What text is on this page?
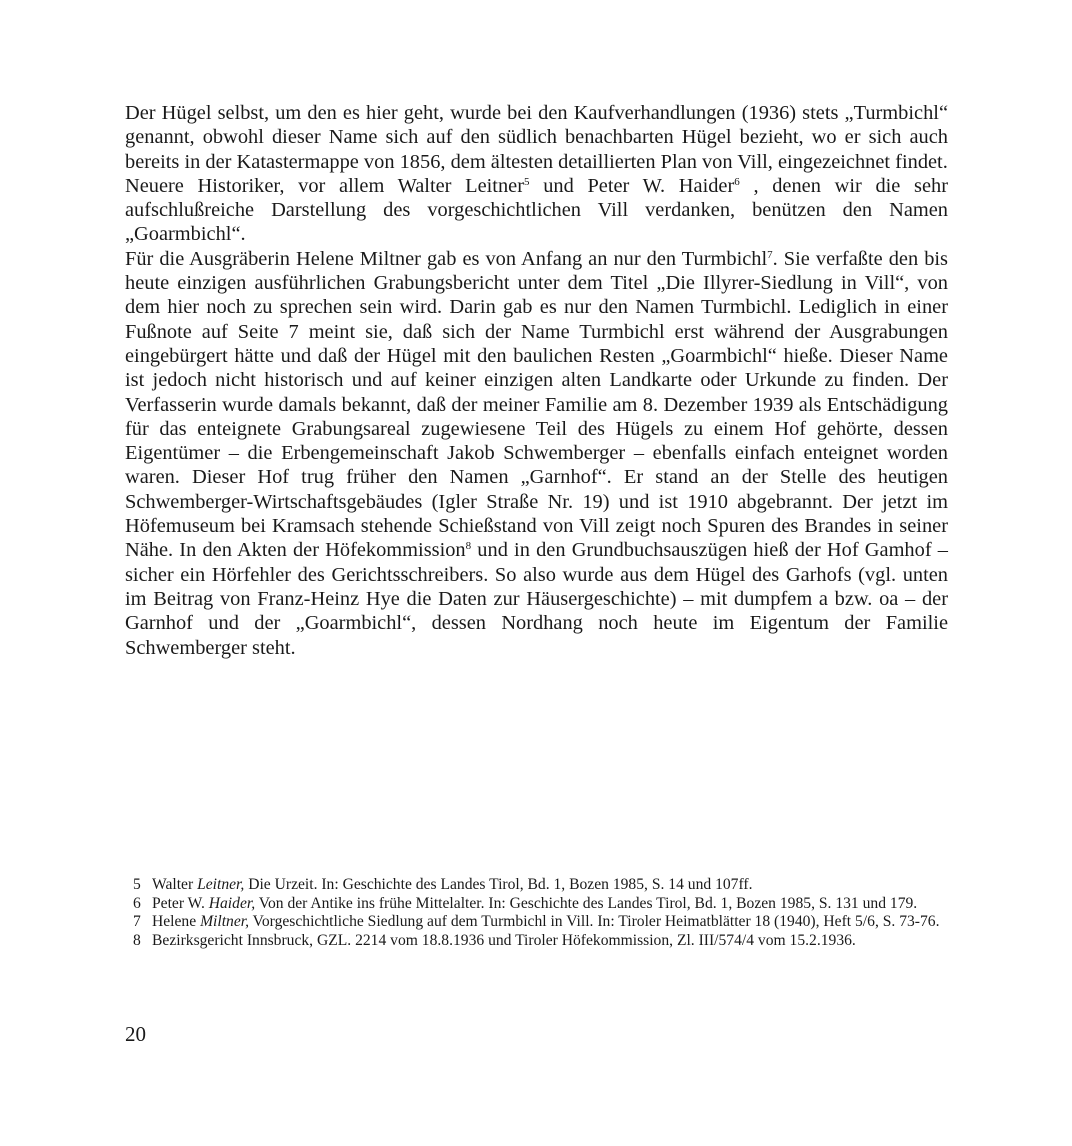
Der Hügel selbst, um den es hier geht, wurde bei den Kaufverhandlungen (1936) stets „Turmbichl“ genannt, obwohl dieser Name sich auf den südlich benachbarten Hügel bezieht, wo er sich auch bereits in der Katastermappe von 1856, dem ältesten detaillierten Plan von Vill, eingezeichnet findet.

Neuere Historiker, vor allem Walter Leitner$^5$ und Peter W. Haider$^6$ , denen wir die sehr aufschlußreiche Darstellung des vorgeschichtlichen Vill verdanken, benützen den Namen „Goarmbichl“.

Für die Ausgräberin Helene Miltner gab es von Anfang an nur den Turmbichl$^7$. Sie verfaßte den bis heute einzigen ausführlichen Grabungsbericht unter dem Titel „Die Illyrer-Siedlung in Vill“, von dem hier noch zu sprechen sein wird. Darin gab es nur den Namen Turmbichl. Lediglich in einer Fußnote auf Seite 7 meint sie, daß sich der Name Turmbichl erst während der Ausgrabungen eingebürgert hätte und daß der Hügel mit den baulichen Resten „Goarmbichl“ hieße. Dieser Name ist jedoch nicht historisch und auf keiner einzigen alten Landkarte oder Urkunde zu finden. Der Verfasserin wurde damals bekannt, daß der meiner Familie am 8. Dezember 1939 als Entschädigung für das enteignete Grabungsareal zugewiesene Teil des Hügels zu einem Hof gehörte, dessen Eigentümer – die Erbengemeinschaft Jakob Schwemberger – ebenfalls einfach enteignet worden waren. Dieser Hof trug früher den Namen „Garnhof“. Er stand an der Stelle des heutigen Schwemberger-Wirtschaftsgebäudes (Igler Straße Nr. 19) und ist 1910 abgebrannt. Der jetzt im Höfemuseum bei Kramsach stehende Schießstand von Vill zeigt noch Spuren des Brandes in seiner Nähe. In den Akten der Höfekommission$^8$ und in den Grundbuchsauszügen hieß der Hof Gamhof – sicher ein Hörfehler des Gerichtsschreibers. So also wurde aus dem Hügel des Garhofs (vgl. unten im Beitrag von Franz-Heinz Hye die Daten zur Häusergeschichte) – mit dumpfem a bzw. oa – der Garnhof und der „Goarmbichl“, dessen Nordhang noch heute im Eigentum der Familie Schwemberger steht.

5 Walter Leitner, Die Urzeit. In: Geschichte des Landes Tirol, Bd. 1, Bozen 1985, S. 14 und 107ff.
6 Peter W. Haider, Von der Antike ins frühe Mittelalter. In: Geschichte des Landes Tirol, Bd. 1, Bozen 1985, S. 131 und 179.
7 Helene Miltner, Vorgeschichtliche Siedlung auf dem Turmbichl in Vill. In: Tiroler Heimatblätter 18 (1940), Heft 5/6, S. 73-76.
8 Bezirksgericht Innsbruck, GZL. 2214 vom 18.8.1936 und Tiroler Höfekommission, Zl. III/574/4 vom 15.2.1936.
20
